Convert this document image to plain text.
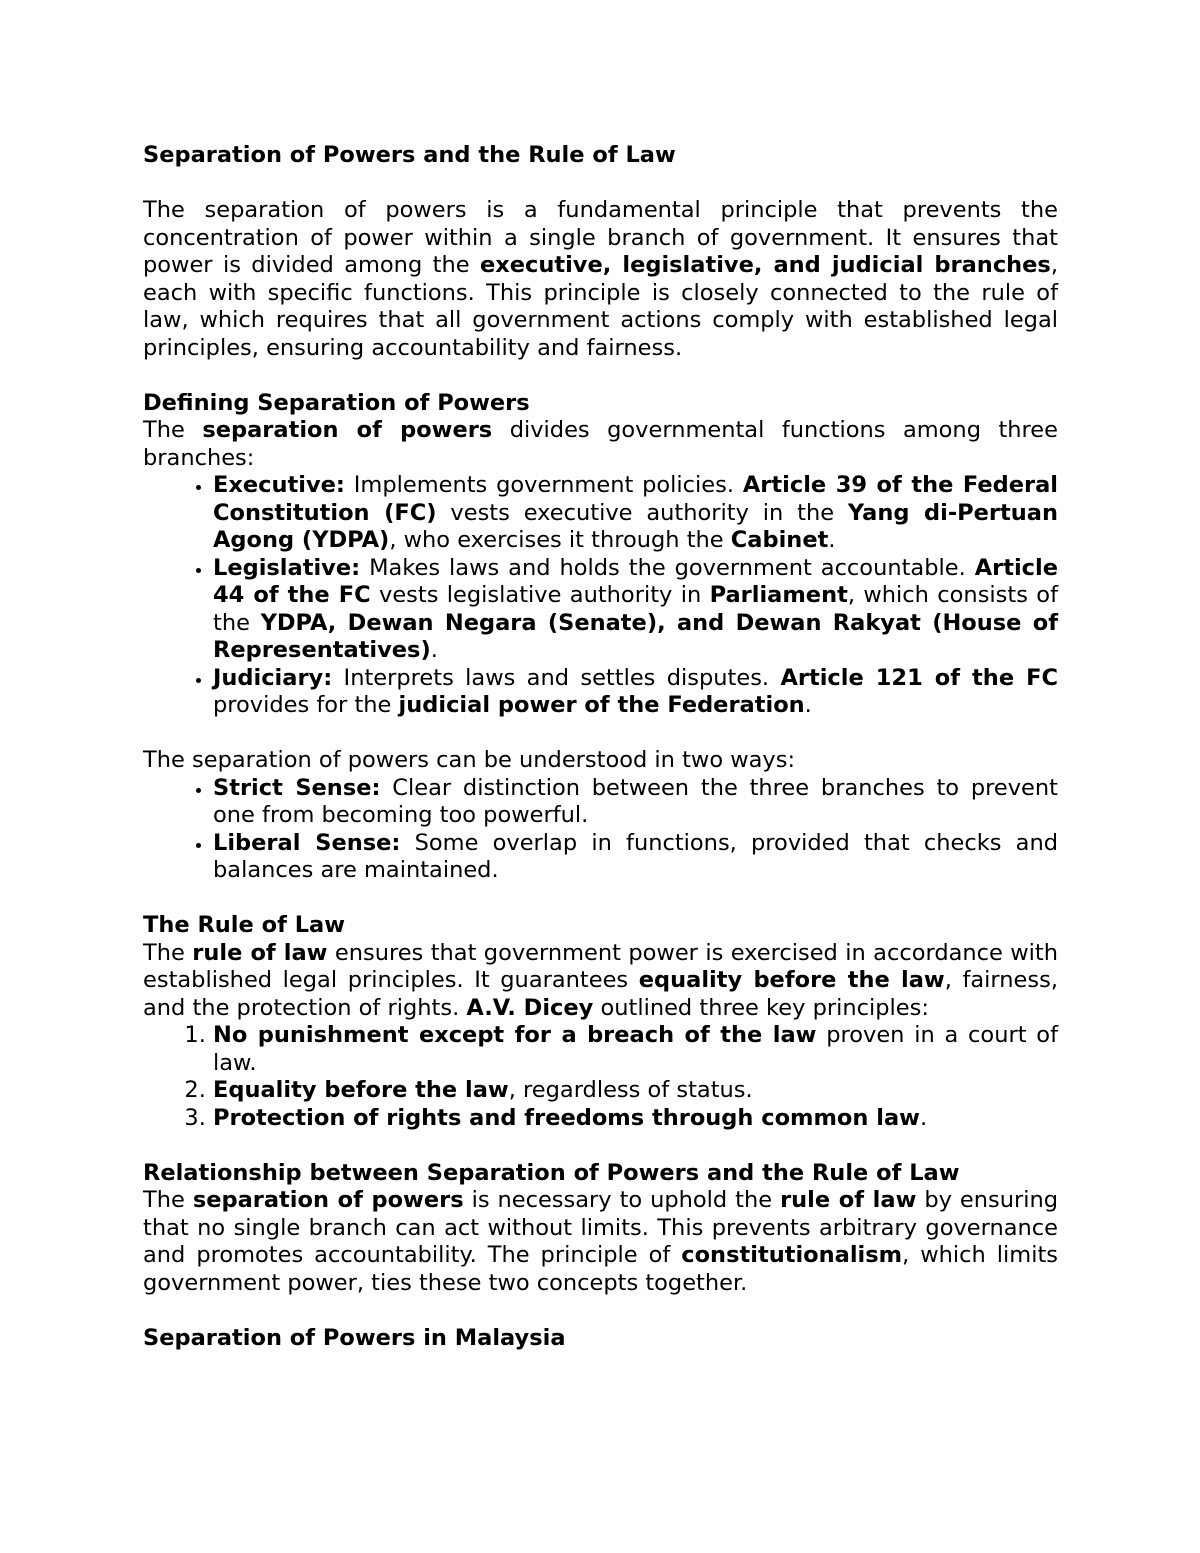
Separation of Powers and the Rule of Law

The separation of powers is a fundamental principle that prevents the concentration of power within a single branch of government. It ensures that power is divided among the executive, legislative, and judicial branches, each with specific functions. This principle is closely connected to the rule of law, which requires that all government actions comply with established legal principles, ensuring accountability and fairness.

Defining Separation of Powers

The separation of powers divides governmental functions among three branches:

• Executive: Implements government policies. Article 39 of the Federal Constitution (FC) vests executive authority in the Yang di-Pertuan Agong (YDPA), who exercises it through the Cabinet.
• Legislative: Makes laws and holds the government accountable. Article 44 of the FC vests legislative authority in Parliament, which consists of the YDPA, Dewan Negara (Senate), and Dewan Rakyat (House of Representatives).
• Judiciary: Interprets laws and settles disputes. Article 121 of the FC provides for the judicial power of the Federation.

The separation of powers can be understood in two ways:

• Strict Sense: Clear distinction between the three branches to prevent one from becoming too powerful.
• Liberal Sense: Some overlap in functions, provided that checks and balances are maintained.

The Rule of Law

The rule of law ensures that government power is exercised in accordance with established legal principles. It guarantees equality before the law, fairness, and the protection of rights. A.V. Dicey outlined three key principles:

1. No punishment except for a breach of the law proven in a court of law.
2. Equality before the law, regardless of status.
3. Protection of rights and freedoms through common law.

Relationship between Separation of Powers and the Rule of Law

The separation of powers is necessary to uphold the rule of law by ensuring that no single branch can act without limits. This prevents arbitrary governance and promotes accountability. The principle of constitutionalism, which limits government power, ties these two concepts together.

Separation of Powers in Malaysia
